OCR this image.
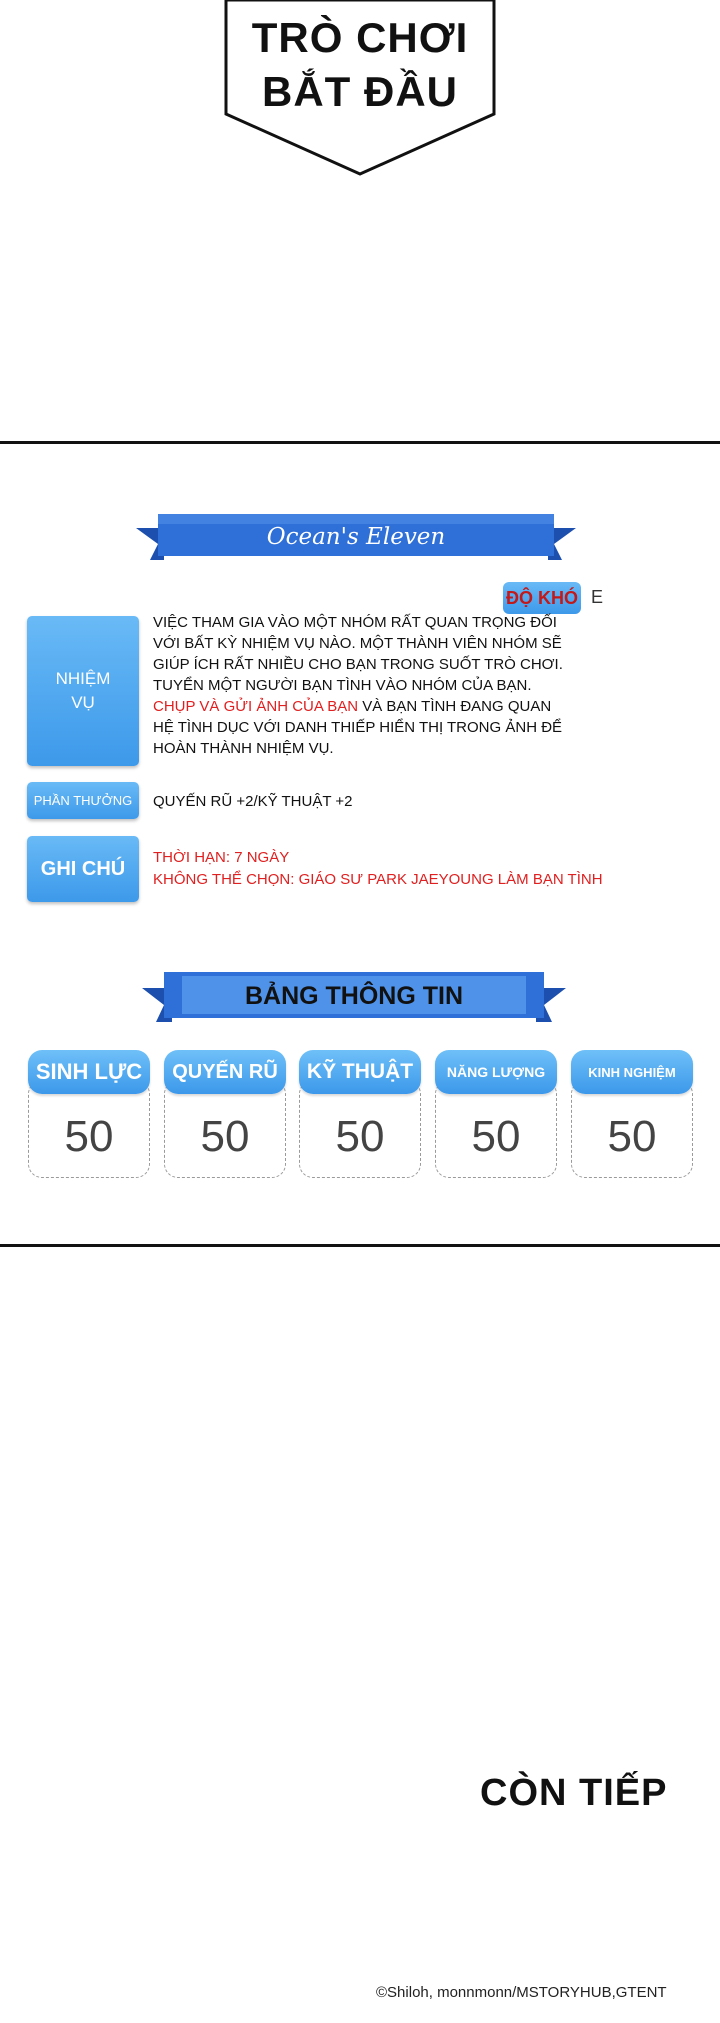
TRÒ CHƠI
BẮT ĐẦU
Ocean's Eleven
ĐỘ KHÓ E
NHIỆM
VỤ
VIỆC THAM GIA VÀO MỘT NHÓM RẤT QUAN TRỌNG ĐỐI VỚI BẤT KỲ NHIỆM VỤ NÀO. MỘT THÀNH VIÊN NHÓM SẼ GIÚP ÍCH RẤT NHIỀU CHO BẠN TRONG SUỐT TRÒ CHƠI. TUYỂN MỘT NGƯỜI BẠN TÌNH VÀO NHÓM CỦA BẠN. CHỤP VÀ GỬI ẢNH CỦA BẠN VÀ BẠN TÌNH ĐANG QUAN HỆ TÌNH DỤC VỚI DANH THIẾP HIỂN THỊ TRONG ẢNH ĐỂ HOÀN THÀNH NHIỆM VỤ.
PHẦN THƯỞNG QUYẾN RŨ +2/KỸ THUẬT +2
GHI CHÚ THỜI HẠN: 7 NGÀY
KHÔNG THỂ CHỌN: GIÁO SƯ PARK JAEYOUNG LÀM BẠN TÌNH
BẢNG THÔNG TIN
SINH LỰC
50
QUYẾN RŨ
50
KỸ THUẬT
50
NĂNG LƯỢNG
50
KINH NGHIỆM
50
CÒN TIẾP
©Shiloh, monnmonn/MSTORYHUB,GTENT
